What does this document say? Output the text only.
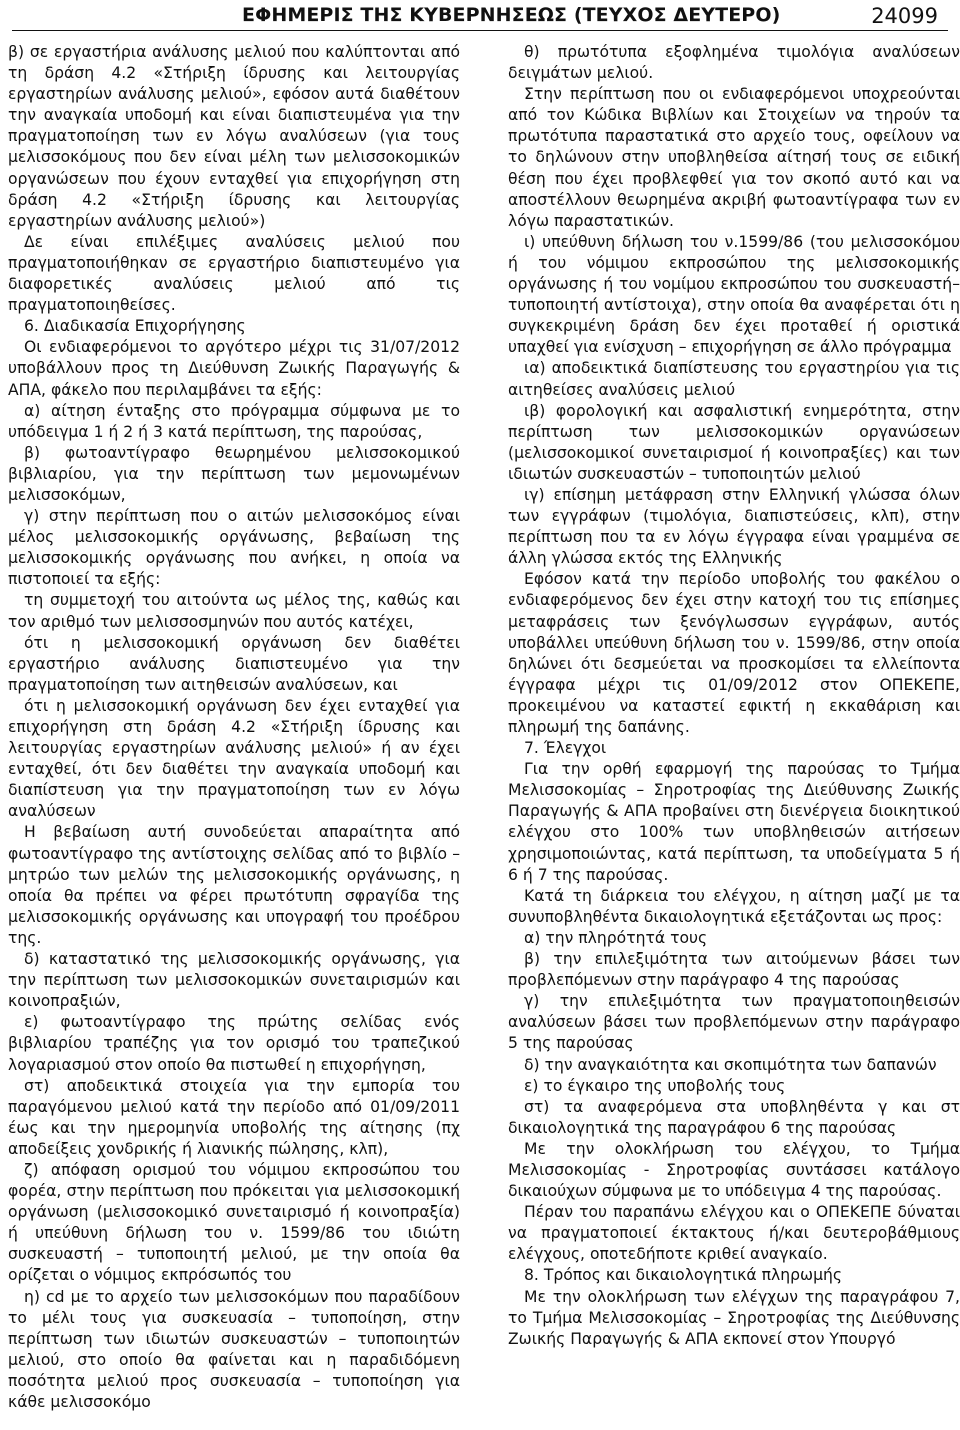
ΕΦΗΜΕΡΙΣ ΤΗΣ ΚΥΒΕΡΝΗΣΕΩΣ (ΤΕΥΧΟΣ ΔΕΥΤΕΡΟ)	24099

β) σε εργαστήρια ανάλυσης μελιού που καλύπτονται από τη δράση 4.2 «Στήριξη ίδρυσης και λειτουργίας εργαστηρίων ανάλυσης μελιού», εφόσον αυτά διαθέτουν την αναγκαία υποδομή και είναι διαπιστευμένα για την πραγματοποίηση των εν λόγω αναλύσεων (για τους μελισσοκόμους που δεν είναι μέλη των μελισσοκομικών οργανώσεων που έχουν ενταχθεί για επιχορήγηση στη δράση 4.2 «Στήριξη ίδρυσης και λειτουργίας εργαστηρίων ανάλυσης μελιού»)

Δε είναι επιλέξιμες αναλύσεις μελιού που πραγματοποιήθηκαν σε εργαστήριο διαπιστευμένο για διαφορετικές αναλύσεις μελιού από τις πραγματοποιηθείσες.

6. Διαδικασία Επιχορήγησης

Οι ενδιαφερόμενοι το αργότερο μέχρι τις 31/07/2012 υποβάλλουν προς τη Διεύθυνση Ζωικής Παραγωγής & ΑΠΑ, φάκελο που περιλαμβάνει τα εξής:

α) αίτηση ένταξης στο πρόγραμμα σύμφωνα με το υπόδειγμα 1 ή 2 ή 3 κατά περίπτωση, της παρούσας,

β) φωτοαντίγραφο θεωρημένου μελισσοκομικού βιβλιαρίου, για την περίπτωση των μεμονωμένων μελισσοκόμων,

γ) στην περίπτωση που ο αιτών μελισσοκόμος είναι μέλος μελισσοκομικής οργάνωσης, βεβαίωση της μελισσοκομικής οργάνωσης που ανήκει, η οποία να πιστοποιεί τα εξής:

τη συμμετοχή του αιτούντα ως μέλος της, καθώς και τον αριθμό των μελισσοσμηνών που αυτός κατέχει,

ότι η μελισσοκομική οργάνωση δεν διαθέτει εργαστήριο ανάλυσης διαπιστευμένο για την πραγματοποίηση των αιτηθεισών αναλύσεων, και

ότι η μελισσοκομική οργάνωση δεν έχει ενταχθεί για επιχορήγηση στη δράση 4.2 «Στήριξη ίδρυσης και λειτουργίας εργαστηρίων ανάλυσης μελιού» ή αν έχει ενταχθεί, ότι δεν διαθέτει την αναγκαία υποδομή και διαπίστευση για την πραγματοποίηση των εν λόγω αναλύσεων

Η βεβαίωση αυτή συνοδεύεται απαραίτητα από φωτοαντίγραφο της αντίστοιχης σελίδας από το βιβλίο – μητρώο των μελών της μελισσοκομικής οργάνωσης, η οποία θα πρέπει να φέρει πρωτότυπη σφραγίδα της μελισσοκομικής οργάνωσης και υπογραφή του προέδρου της.

δ) καταστατικό της μελισσοκομικής οργάνωσης, για την περίπτωση των μελισσοκομικών συνεταιρισμών και κοινοπραξιών,

ε) φωτοαντίγραφο της πρώτης σελίδας ενός βιβλιαρίου τραπέζης για τον ορισμό του τραπεζικού λογαριασμού στον οποίο θα πιστωθεί η επιχορήγηση,

στ) αποδεικτικά στοιχεία για την εμπορία του παραγόμενου μελιού κατά την περίοδο από 01/09/2011 έως και την ημερομηνία υποβολής της αίτησης (πχ αποδείξεις χονδρικής ή λιανικής πώλησης, κλπ),

ζ) απόφαση ορισμού του νόμιμου εκπροσώπου του φορέα, στην περίπτωση που πρόκειται για μελισσοκομική οργάνωση (μελισσοκομικό συνεταιρισμό ή κοινοπραξία) ή υπεύθυνη δήλωση του ν. 1599/86 του ιδιώτη συσκευαστή – τυποποιητή μελιού, με την οποία θα ορίζεται ο νόμιμος εκπρόσωπός του

η) cd με το αρχείο των μελισσοκόμων που παραδίδουν το μέλι τους για συσκευασία – τυποποίηση, στην περίπτωση των ιδιωτών συσκευαστών – τυποποιητών μελιού, στο οποίο θα φαίνεται και η παραδιδόμενη ποσότητα μελιού προς συσκευασία – τυποποίηση για κάθε μελισσοκόμο

θ) πρωτότυπα εξοφλημένα τιμολόγια αναλύσεων δειγμάτων μελιού.

Στην περίπτωση που οι ενδιαφερόμενοι υποχρεούνται από τον Κώδικα Βιβλίων και Στοιχείων να τηρούν τα πρωτότυπα παραστατικά στο αρχείο τους, οφείλουν να το δηλώνουν στην υποβληθείσα αίτησή τους σε ειδική θέση που έχει προβλεφθεί για τον σκοπό αυτό και να αποστέλλουν θεωρημένα ακριβή φωτοαντίγραφα των εν λόγω παραστατικών.

ι) υπεύθυνη δήλωση του ν.1599/86 (του μελισσοκόμου ή του νόμιμου εκπροσώπου της μελισσοκομικής οργάνωσης ή του νομίμου εκπροσώπου του συσκευαστή–τυποποιητή αντίστοιχα), στην οποία θα αναφέρεται ότι η συγκεκριμένη δράση δεν έχει προταθεί ή οριστικά υπαχθεί για ενίσχυση – επιχορήγηση σε άλλο πρόγραμμα

ια) αποδεικτικά διαπίστευσης του εργαστηρίου για τις αιτηθείσες αναλύσεις μελιού

ιβ) φορολογική και ασφαλιστική ενημερότητα, στην περίπτωση των μελισσοκομικών οργανώσεων (μελισσοκομικοί συνεταιρισμοί ή κοινοπραξίες) και των ιδιωτών συσκευαστών – τυποποιητών μελιού

ιγ) επίσημη μετάφραση στην Ελληνική γλώσσα όλων των εγγράφων (τιμολόγια, διαπιστεύσεις, κλπ), στην περίπτωση που τα εν λόγω έγγραφα είναι γραμμένα σε άλλη γλώσσα εκτός της Ελληνικής

Εφόσον κατά την περίοδο υποβολής του φακέλου ο ενδιαφερόμενος δεν έχει στην κατοχή του τις επίσημες μεταφράσεις των ξενόγλωσσων εγγράφων, αυτός υποβάλλει υπεύθυνη δήλωση του ν. 1599/86, στην οποία δηλώνει ότι δεσμεύεται να προσκομίσει τα ελλείποντα έγγραφα μέχρι τις 01/09/2012 στον ΟΠΕΚΕΠΕ, προκειμένου να καταστεί εφικτή η εκκαθάριση και πληρωμή της δαπάνης.

7. Έλεγχοι

Για την ορθή εφαρμογή της παρούσας το Τμήμα Μελισσοκομίας – Σηροτροφίας της Διεύθυνσης Ζωικής Παραγωγής & ΑΠΑ προβαίνει στη διενέργεια διοικητικού ελέγχου στο 100% των υποβληθεισών αιτήσεων χρησιμοποιώντας, κατά περίπτωση, τα υποδείγματα 5 ή 6 ή 7 της παρούσας.

Κατά τη διάρκεια του ελέγχου, η αίτηση μαζί με τα συνυποβληθέντα δικαιολογητικά εξετάζονται ως προς:

α) την πληρότητά τους

β) την επιλεξιμότητα των αιτούμενων βάσει των προβλεπόμενων στην παράγραφο 4 της παρούσας

γ) την επιλεξιμότητα των πραγματοποιηθεισών αναλύσεων βάσει των προβλεπόμενων στην παράγραφο 5 της παρούσας

δ) την αναγκαιότητα και σκοπιμότητα των δαπανών

ε) το έγκαιρο της υποβολής τους

στ) τα αναφερόμενα στα υποβληθέντα γ και στ δικαιολογητικά της παραγράφου 6 της παρούσας

Με την ολοκλήρωση του ελέγχου, το Τμήμα Μελισσοκομίας - Σηροτροφίας συντάσσει κατάλογο δικαιούχων σύμφωνα με το υπόδειγμα 4 της παρούσας.

Πέραν του παραπάνω ελέγχου και ο ΟΠΕΚΕΠΕ δύναται να πραγματοποιεί έκτακτους ή/και δευτεροβάθμιους ελέγχους, οποτεδήποτε κριθεί αναγκαίο.

8. Τρόπος και δικαιολογητικά πληρωμής

Με την ολοκλήρωση των ελέγχων της παραγράφου 7, το Τμήμα Μελισσοκομίας – Σηροτροφίας της Διεύθυνσης Ζωικής Παραγωγής & ΑΠΑ εκπονεί στον Υπουργό
